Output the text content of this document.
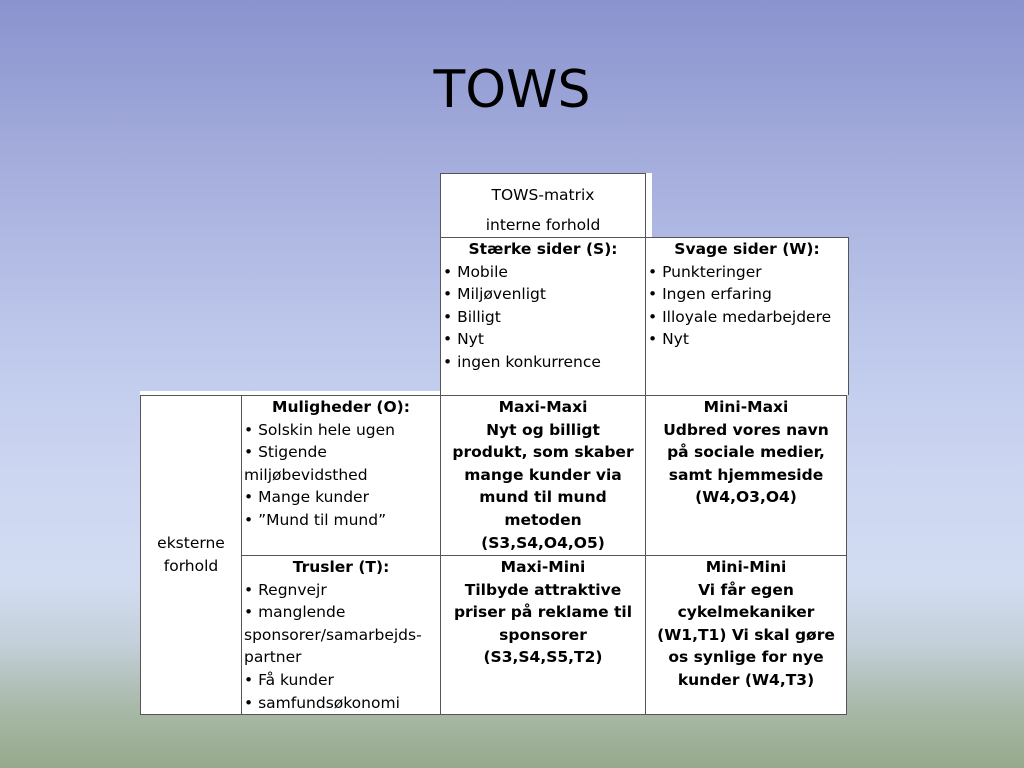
TOWS
TOWS-matrix
interne forhold
Stærke sider (S):
• Mobile
• Miljøvenligt
• Billigt
• Nyt
• ingen konkurrence
Svage sider (W):
• Punkteringer
• Ingen erfaring
• Illoyale medarbejdere
• Nyt
eksterne forhold
Muligheder (O):
• Solskin hele ugen
• Stigende miljøbevidsthed
• Mange kunder
• ”Mund til mund”
Maxi-Maxi
Nyt og billigt produkt, som skaber mange kunder via mund til mund metoden (S3,S4,O4,O5)
Mini-Maxi
Udbred vores navn på sociale medier, samt hjemmeside (W4,O3,O4)
Trusler (T):
• Regnvejr
• manglende sponsorer/samarbejds-partner
• Få kunder
• samfundsøkonomi
Maxi-Mini
Tilbyde attraktive priser på reklame til sponsorer (S3,S4,S5,T2)
Mini-Mini
Vi får egen cykelmekaniker (W1,T1) Vi skal gøre os synlige for nye kunder (W4,T3)
